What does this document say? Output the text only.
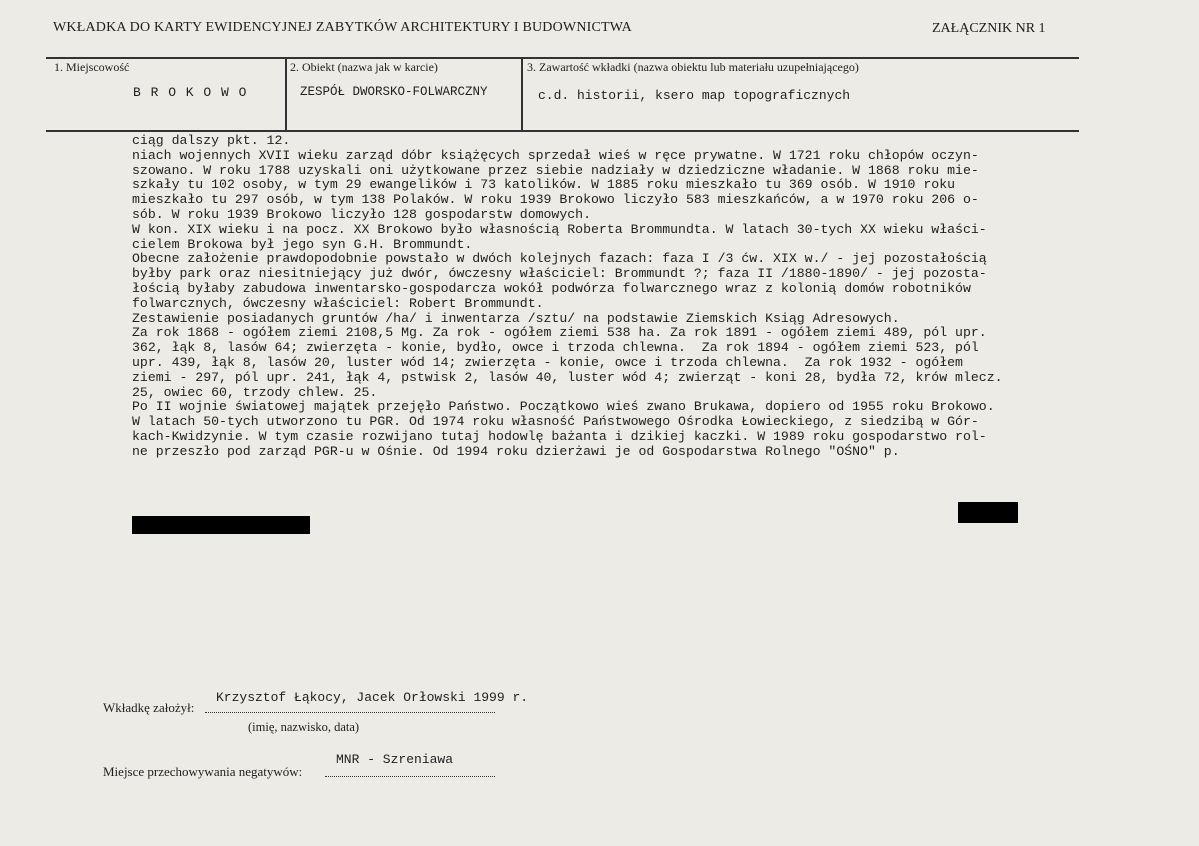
WKŁADKA DO KARTY EWIDENCYJNEJ ZABYTKÓW ARCHITEKTURY I BUDOWNICTWA	ZAŁĄCZNIK NR 1
1. Miejscowość
B R O K O W O
2. Obiekt (nazwa jak w karcie)
ZESPÓŁ DWORSKO-FOLWARCZNY
3. Zawartość wkładki (nazwa obiektu lub materiału uzupełniającego)
c.d. historii, ksero map topograficznych
ciąg dalszy pkt. 12.
niach wojennych XVII wieku zarząd dóbr książęcych sprzedał wieś w ręce prywatne. W 1721 roku chłopów oczyn-
szowano. W roku 1788 uzyskali oni użytkowane przez siebie nadziały w dziedziczne władanie. W 1868 roku mie-
szkały tu 102 osoby, w tym 29 ewangelików i 73 katolików. W 1885 roku mieszkało tu 369 osób. W 1910 roku
mieszkało tu 297 osób, w tym 138 Polaków. W roku 1939 Brokowo liczyło 583 mieszkańców, a w 1970 roku 206 o-
sób. W roku 1939 Brokowo liczyło 128 gospodarstw domowych.
W kon. XIX wieku i na pocz. XX Brokowo było własnością Roberta Brommundta. W latach 30-tych XX wieku właści-
cielem Brokowa był jego syn G.H. Brommundt.
Obecne założenie prawdopodobnie powstało w dwóch kolejnych fazach: faza I /3 ćw. XIX w./ - jej pozostałością
byłby park oraz niesitniejący już dwór, ówczesny właściciel: Brommundt ?; faza II /1880-1890/ - jej pozosta-
łością byłaby zabudowa inwentarsko-gospodarcza wokół podwórza folwarcznego wraz z kolonią domów robotników
folwarcznych, ówczesny właściciel: Robert Brommundt.
Zestawienie posiadanych gruntów /ha/ i inwentarza /sztu/ na podstawie Ziemskich Ksiąg Adresowych.
Za rok 1868 - ogółem ziemi 2108,5 Mg. Za rok - ogółem ziemi 538 ha. Za rok 1891 - ogółem ziemi 489, pól upr.
362, łąk 8, lasów 64; zwierzęta - konie, bydło, owce i trzoda chlewna.  Za rok 1894 - ogółem ziemi 523, pól
upr. 439, łąk 8, lasów 20, luster wód 14; zwierzęta - konie, owce i trzoda chlewna.  Za rok 1932 - ogółem
ziemi - 297, pól upr. 241, łąk 4, pstwisk 2, lasów 40, luster wód 4; zwierząt - koni 28, bydła 72, krów mlecz.
25, owiec 60, trzody chlew. 25.
Po II wojnie światowej majątek przejęło Państwo. Początkowo wieś zwano Brukawa, dopiero od 1955 roku Brokowo.
W latach 50-tych utworzono tu PGR. Od 1974 roku własność Państwowego Ośrodka Łowieckiego, z siedzibą w Gór-
kach-Kwidzynie. W tym czasie rozwijano tutaj hodowlę bażanta i dzikiej kaczki. W 1989 roku gospodarstwo rol-
ne przeszło pod zarząd PGR-u w Ośnie. Od 1994 roku dzierżawi je od Gospodarstwa Rolnego "OŚNO" p.
Wkładkę założył:
Krzysztof Łąkocy, Jacek Orłowski 1999 r.
(imię, nazwisko, data)
Miejsce przechowywania negatywów:
MNR - Szreniawa
